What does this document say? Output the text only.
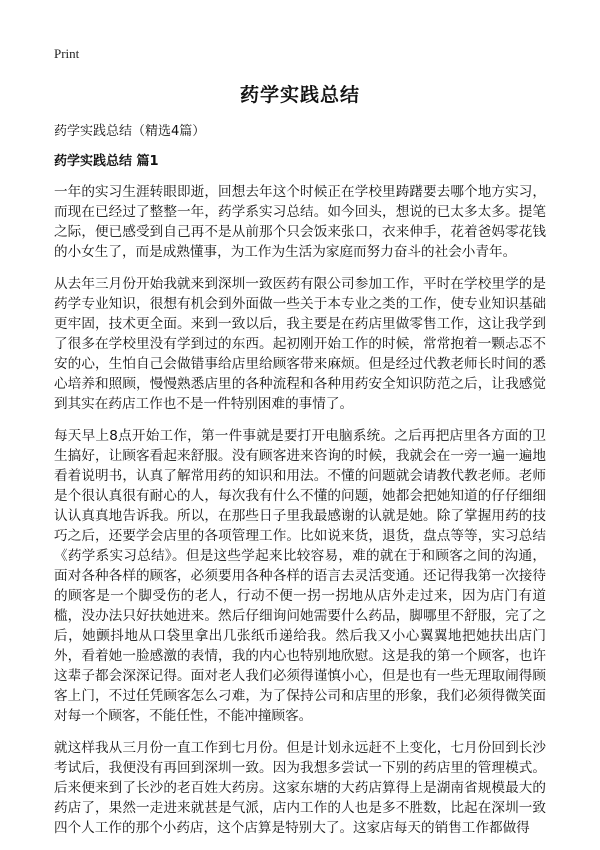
Print
药学实践总结
药学实践总结（精选4篇）
药学实践总结 篇1

一年的实习生涯转眼即逝，回想去年这个时候正在学校里踌躇要去哪个地方实习，而现在已经过了整整一年，药学系实习总结。如今回头，想说的已太多太多。提笔之际，便已感受到自己再不是从前那个只会饭来张口，衣来伸手，花着爸妈零花钱的小女生了，而是成熟懂事，为工作为生活为家庭而努力奋斗的社会小青年。

从去年三月份开始我就来到深圳一致医药有限公司参加工作，平时在学校里学的是药学专业知识，很想有机会到外面做一些关于本专业之类的工作，使专业知识基础更牢固，技术更全面。来到一致以后，我主要是在药店里做零售工作，这让我学到了很多在学校里没有学到过的东西。起初刚开始工作的时候，常常抱着一颗忐忑不安的心，生怕自己会做错事给店里给顾客带来麻烦。但是经过代教老师长时间的悉心培养和照顾，慢慢熟悉店里的各种流程和各种用药安全知识防范之后，让我感觉到其实在药店工作也不是一件特别困难的事情了。

每天早上8点开始工作，第一件事就是要打开电脑系统。之后再把店里各方面的卫生搞好，让顾客看起来舒服。没有顾客进来咨询的时候，我就会在一旁一遍一遍地看着说明书，认真了解常用药的知识和用法。不懂的问题就会请教代教老师。老师是个很认真很有耐心的人，每次我有什么不懂的问题，她都会把她知道的仔仔细细认认真真地告诉我。所以，在那些日子里我最感谢的认就是她。除了掌握用药的技巧之后，还要学会店里的各项管理工作。比如说来货，退货，盘点等等，实习总结《药学系实习总结》。但是这些学起来比较容易，难的就在于和顾客之间的沟通，面对各种各样的顾客，必须要用各种各样的语言去灵活变通。还记得我第一次接待的顾客是一个脚受伤的老人，行动不便一拐一拐地从店外走过来，因为店门有道槛，没办法只好扶她进来。然后仔细询问她需要什么药品，脚哪里不舒服，完了之后，她颤抖地从口袋里拿出几张纸币递给我。然后我又小心翼翼地把她扶出店门外，看着她一脸感激的表情，我的内心也特别地欣慰。这是我的第一个顾客，也许这辈子都会深深记得。面对老人我们必须得谨慎小心，但是也有一些无理取闹得顾客上门，不过任凭顾客怎么刁难，为了保持公司和店里的形象，我们必须得微笑面对每一个顾客，不能任性，不能冲撞顾客。

就这样我从三月份一直工作到七月份。但是计划永远赶不上变化，七月份回到长沙考试后，我便没有再回到深圳一致。因为我想多尝试一下别的药店里的管理模式。后来便来到了长沙的老百姓大药房。这家东塘的大药店算得上是湖南省规模最大的药店了，果然一走进来就甚是气派，店内工作的人也是多不胜数，比起在深圳一致四个人工作的那个小药店，这个店算是特别大了。这家店每天的销售工作都做得
